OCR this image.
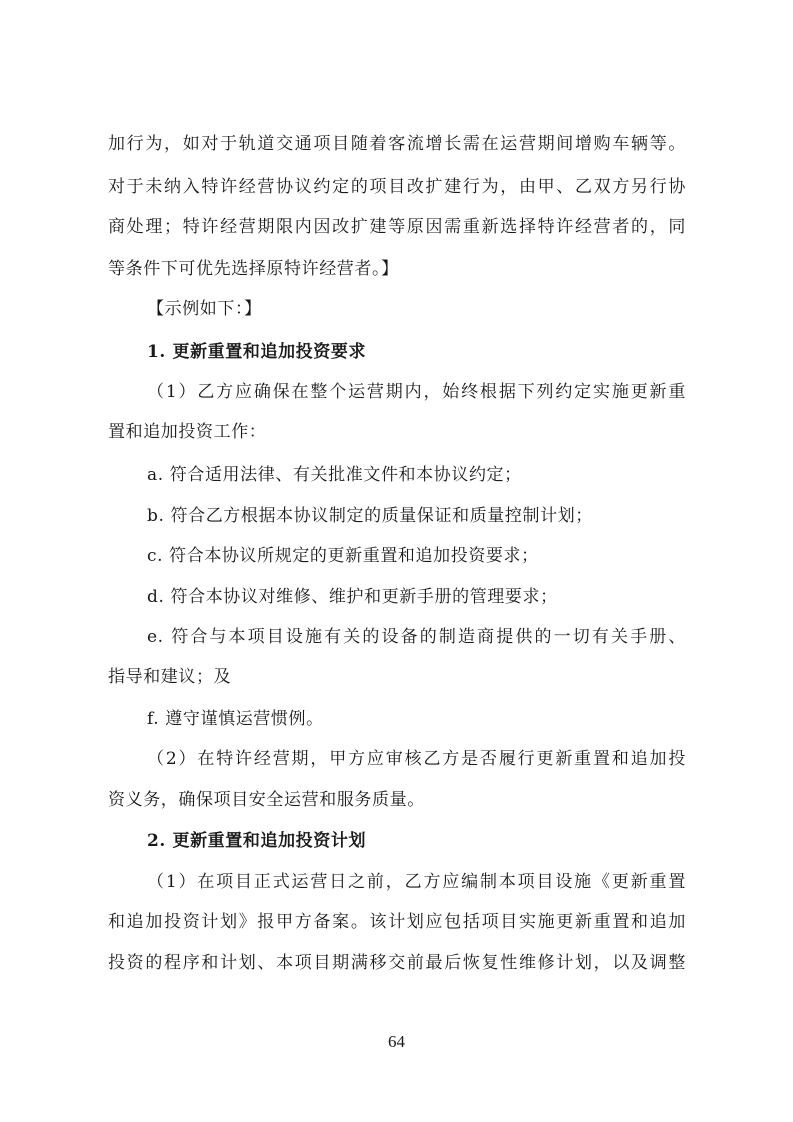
加行为，如对于轨道交通项目随着客流增长需在运营期间增购车辆等。
对于未纳入特许经营协议约定的项目改扩建行为，由甲、乙双方另行协
商处理；特许经营期限内因改扩建等原因需重新选择特许经营者的，同
等条件下可优先选择原特许经营者。】
【示例如下：】
1. 更新重置和追加投资要求
（1）乙方应确保在整个运营期内，始终根据下列约定实施更新重
置和追加投资工作：
a. 符合适用法律、有关批准文件和本协议约定；
b. 符合乙方根据本协议制定的质量保证和质量控制计划；
c. 符合本协议所规定的更新重置和追加投资要求；
d. 符合本协议对维修、维护和更新手册的管理要求；
e. 符合与本项目设施有关的设备的制造商提供的一切有关手册、
指导和建议；及
f. 遵守谨慎运营惯例。
（2）在特许经营期，甲方应审核乙方是否履行更新重置和追加投
资义务，确保项目安全运营和服务质量。
2. 更新重置和追加投资计划
（1）在项目正式运营日之前，乙方应编制本项目设施《更新重置
和追加投资计划》报甲方备案。该计划应包括项目实施更新重置和追加
投资的程序和计划、本项目期满移交前最后恢复性维修计划，以及调整
64
